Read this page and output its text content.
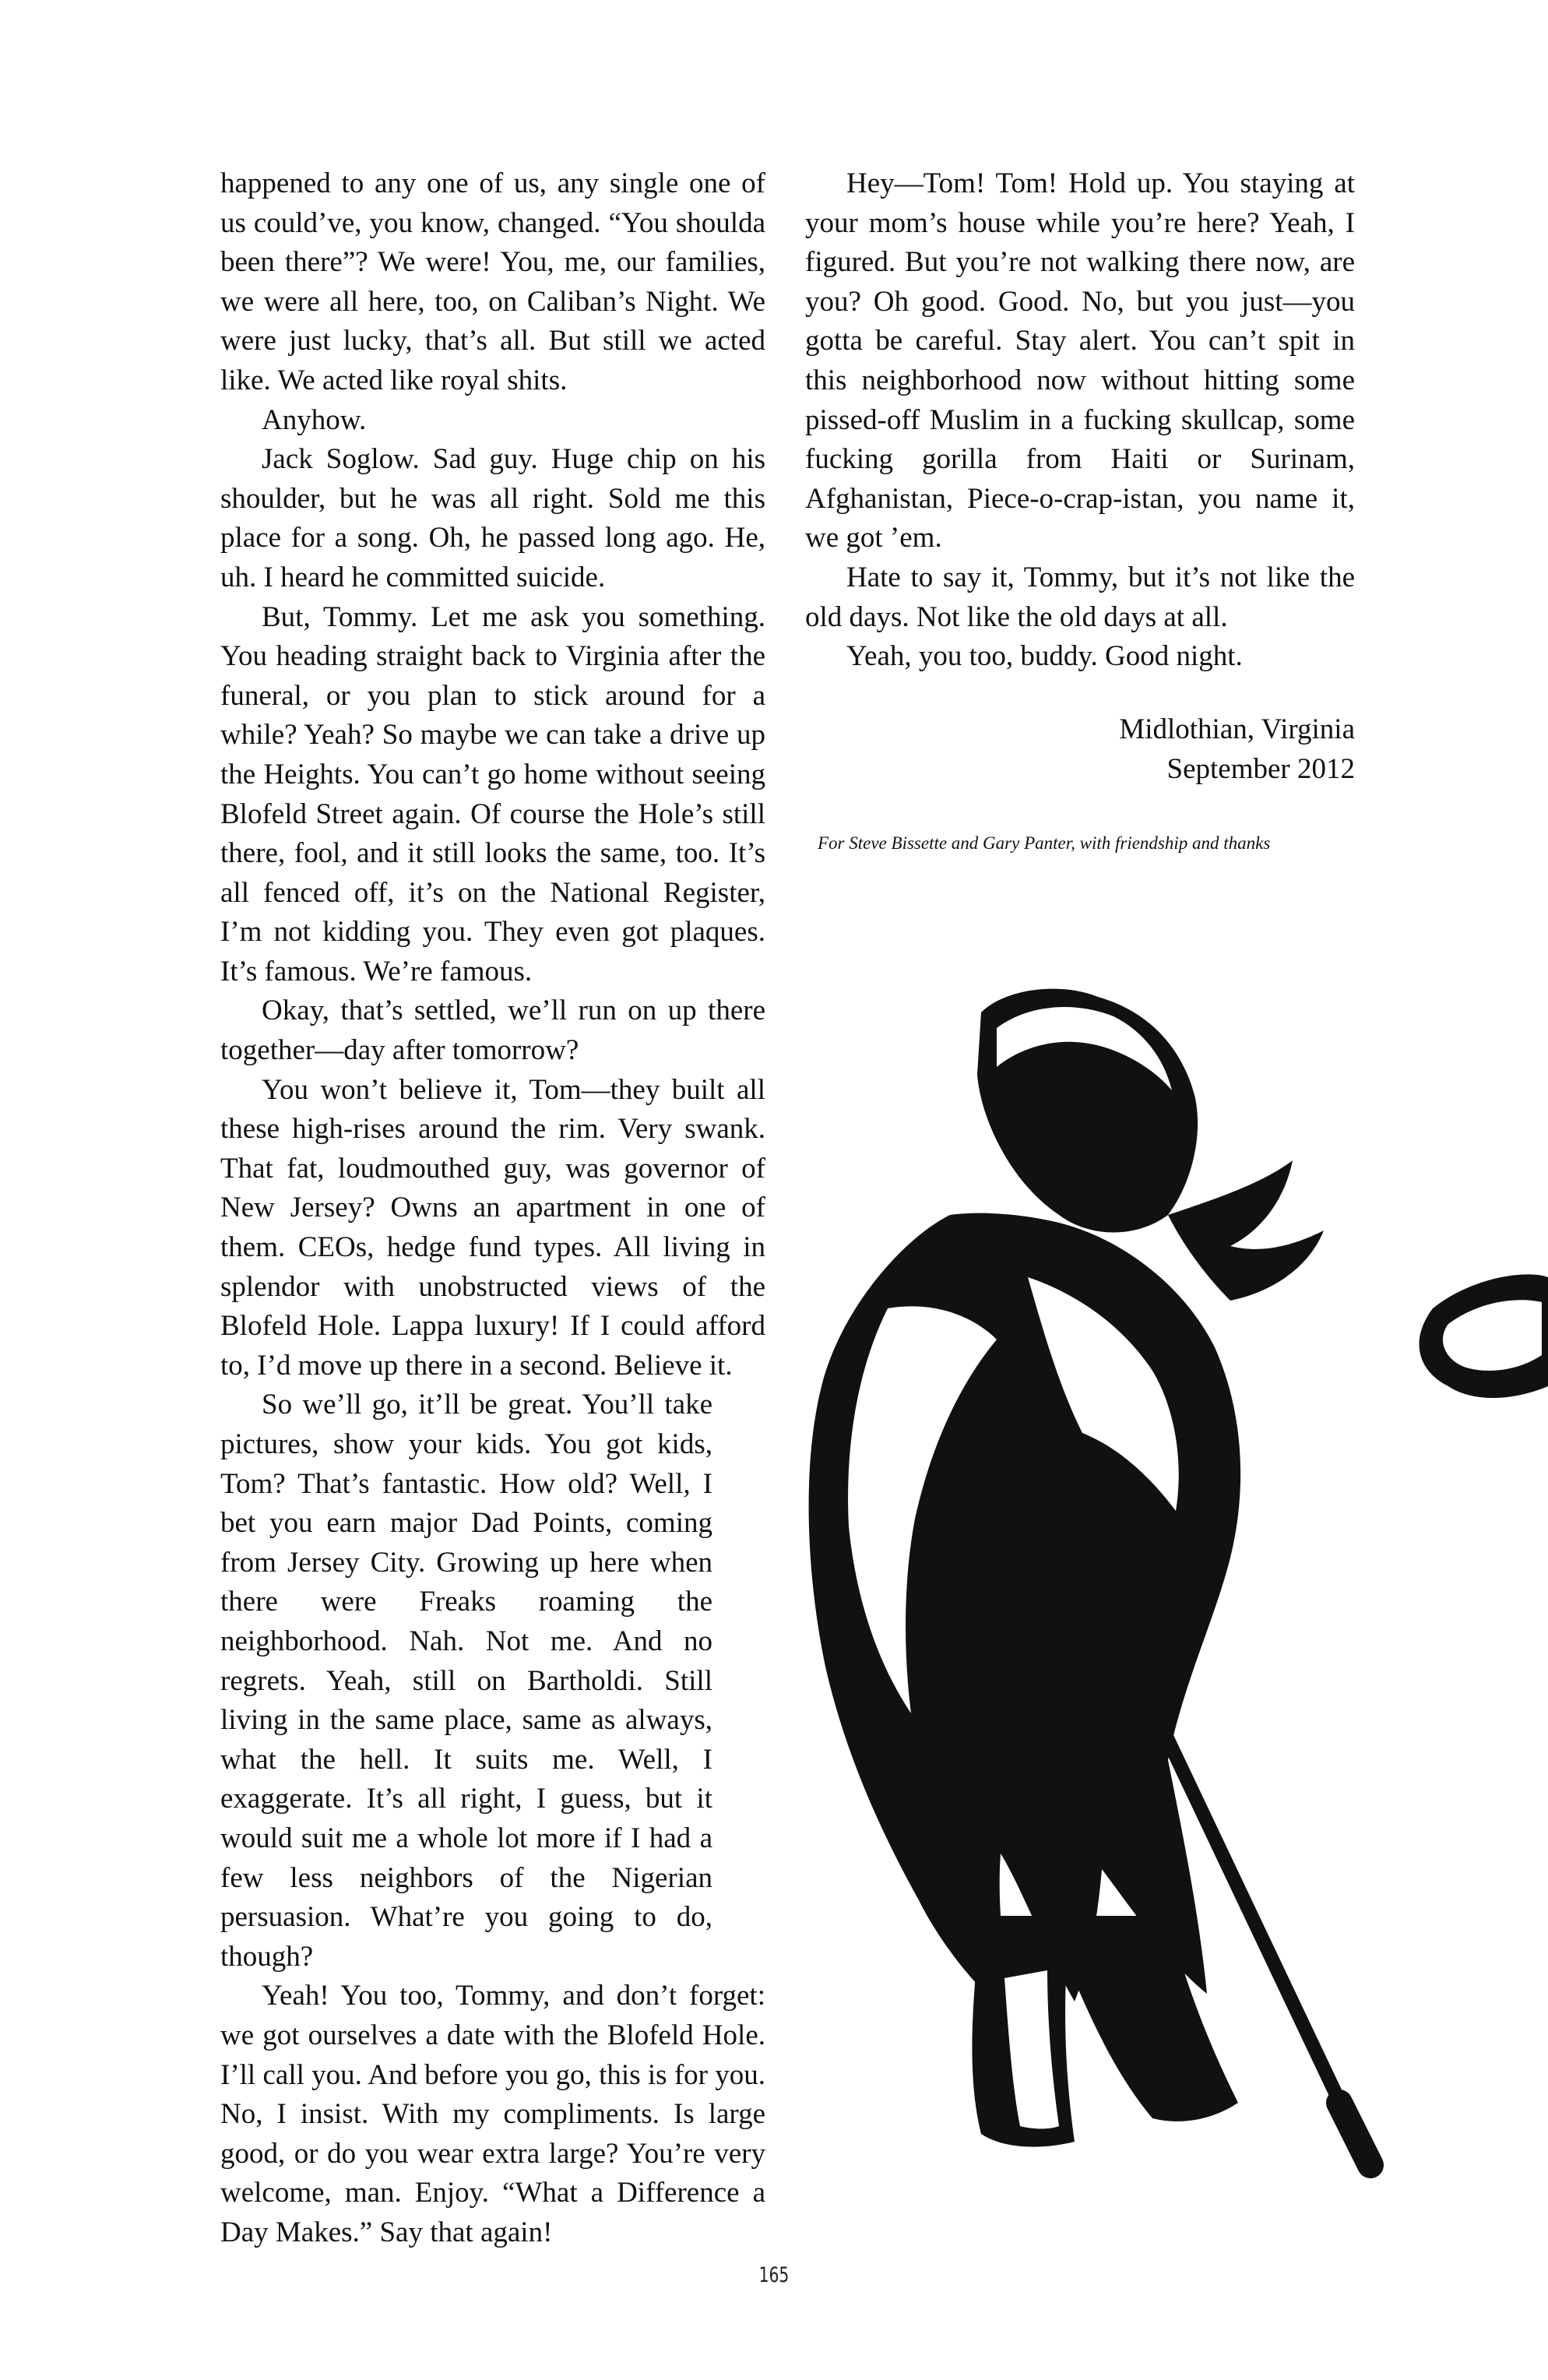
happened to any one of us, any single one of us could’ve, you know, changed. “You shoulda been there”? We were! You, me, our families, we were all here, too, on Caliban’s Night. We were just lucky, that’s all. But still we acted like. We acted like royal shits.

Anyhow.

Jack Soglow. Sad guy. Huge chip on his shoulder, but he was all right. Sold me this place for a song. Oh, he passed long ago. He, uh. I heard he committed suicide.

But, Tommy. Let me ask you something. You heading straight back to Virginia after the funeral, or you plan to stick around for a while? Yeah? So maybe we can take a drive up the Heights. You can’t go home without seeing Blofeld Street again. Of course the Hole’s still there, fool, and it still looks the same, too. It’s all fenced off, it’s on the National Register, I’m not kidding you. They even got plaques. It’s famous. We’re famous.

Okay, that’s settled, we’ll run on up there together—day after tomorrow?

You won’t believe it, Tom—they built all these high-rises around the rim. Very swank. That fat, loudmouthed guy, was governor of New Jersey? Owns an apartment in one of them. CEOs, hedge fund types. All living in splendor with unobstructed views of the Blofeld Hole. Lappa luxury! If I could afford to, I’d move up there in a second. Believe it.

So we’ll go, it’ll be great. You’ll take pictures, show your kids. You got kids, Tom? That’s fantastic. How old? Well, I bet you earn major Dad Points, coming from Jersey City. Growing up here when there were Freaks roaming the neighborhood. Nah. Not me. And no regrets. Yeah, still on Bartholdi. Still living in the same place, same as always, what the hell. It suits me. Well, I exaggerate. It’s all right, I guess, but it would suit me a whole lot more if I had a few less neighbors of the Nigerian persuasion. What’re you going to do, though?

Yeah! You too, Tommy, and don’t forget: we got ourselves a date with the Blofeld Hole. I’ll call you. And before you go, this is for you. No, I insist. With my compliments. Is large good, or do you wear extra large? You’re very welcome, man. Enjoy. “What a Difference a Day Makes.” Say that again!

Hey—Tom! Tom! Hold up. You staying at your mom’s house while you’re here? Yeah, I figured. But you’re not walking there now, are you? Oh good. Good. No, but you just—you gotta be careful. Stay alert. You can’t spit in this neighborhood now without hitting some pissed-off Muslim in a fucking skullcap, some fucking gorilla from Haiti or Surinam, Afghanistan, Piece-o-crap-istan, you name it, we got ’em.

Hate to say it, Tommy, but it’s not like the old days. Not like the old days at all.

Yeah, you too, buddy. Good night.

Midlothian, Virginia
September 2012
For Steve Bissette and Gary Panter, with friendship and thanks
165
